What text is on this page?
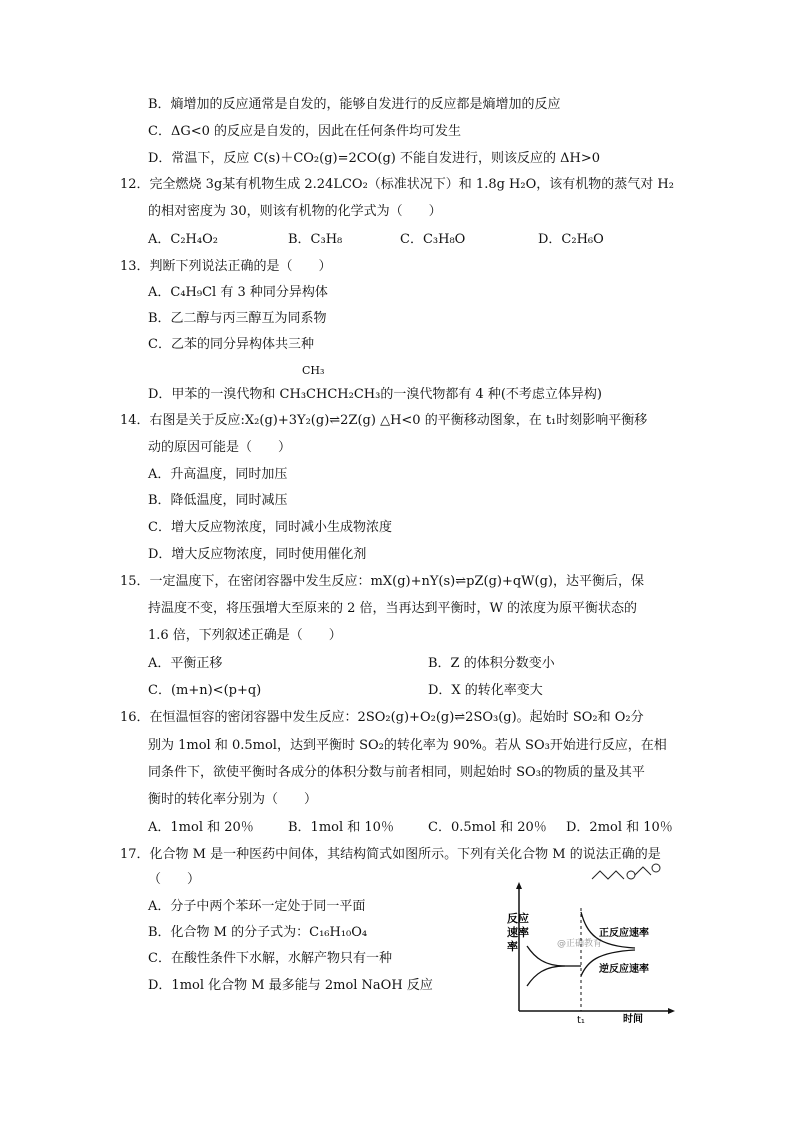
B．熵增加的反应通常是自发的，能够自发进行的反应都是熵增加的反应
C．ΔG<0 的反应是自发的，因此在任何条件均可发生
D．常温下，反应 C(s)＋CO₂(g)=2CO(g) 不能自发进行，则该反应的 ΔH>0
12．完全燃烧 3g某有机物生成 2.24LCO₂（标准状况下）和 1.8g H₂O，该有机物的蒸气对 H₂
的相对密度为 30，则该有机物的化学式为（　　）
A．C₂H₄O₂	B．C₃H₈	C．C₃H₈O	D．C₂H₆O
13．判断下列说法正确的是（　　）
A．C₄H₉Cl 有 3 种同分异构体
B．乙二醇与丙三醇互为同系物
C．乙苯的同分异构体共三种
CH₃
D．甲苯的一溴代物和 CH₃CHCH₂CH₃的一溴代物都有 4 种(不考虑立体异构)
14．右图是关于反应:X₂(g)+3Y₂(g)⇌2Z(g) △H<0 的平衡移动图象，在 t₁时刻影响平衡移
动的原因可能是（　　）
A．升高温度，同时加压
B．降低温度，同时减压
C．增大反应物浓度，同时减小生成物浓度
D．增大反应物浓度，同时使用催化剂
15．一定温度下，在密闭容器中发生反应：mX(g)+nY(s)⇌pZ(g)+qW(g)，达平衡后，保
持温度不变，将压强增大至原来的 2 倍，当再达到平衡时，W 的浓度为原平衡状态的
1.6 倍，下列叙述正确是（　　）
A．平衡正移	B．Z 的体积分数变小
C．(m+n)<(p+q)	D．X 的转化率变大
16．在恒温恒容的密闭容器中发生反应：2SO₂(g)+O₂(g)⇌2SO₃(g)。起始时 SO₂和 O₂分
别为 1mol 和 0.5mol，达到平衡时 SO₂的转化率为 90%。若从 SO₃开始进行反应，在相
同条件下，欲使平衡时各成分的体积分数与前者相同，则起始时 SO₃的物质的量及其平
衡时的转化率分别为（　　）
A．1mol 和 20％	B．1mol 和 10％	C．0.5mol 和 20％ D．2mol 和 10％
17．化合物 M 是一种医药中间体，其结构简式如图所示。下列有关化合物 M 的说法正确的是
（　　）
A．分子中两个苯环一定处于同一平面
B．化合物 M 的分子式为：C₁₆H₁₀O₄
C．在酸性条件下水解，水解产物只有一种
D．1mol 化合物 M 最多能与 2mol NaOH 反应
反应
速率
率	@正确教育
正反应速率
逆反应速率
t₁	时间
